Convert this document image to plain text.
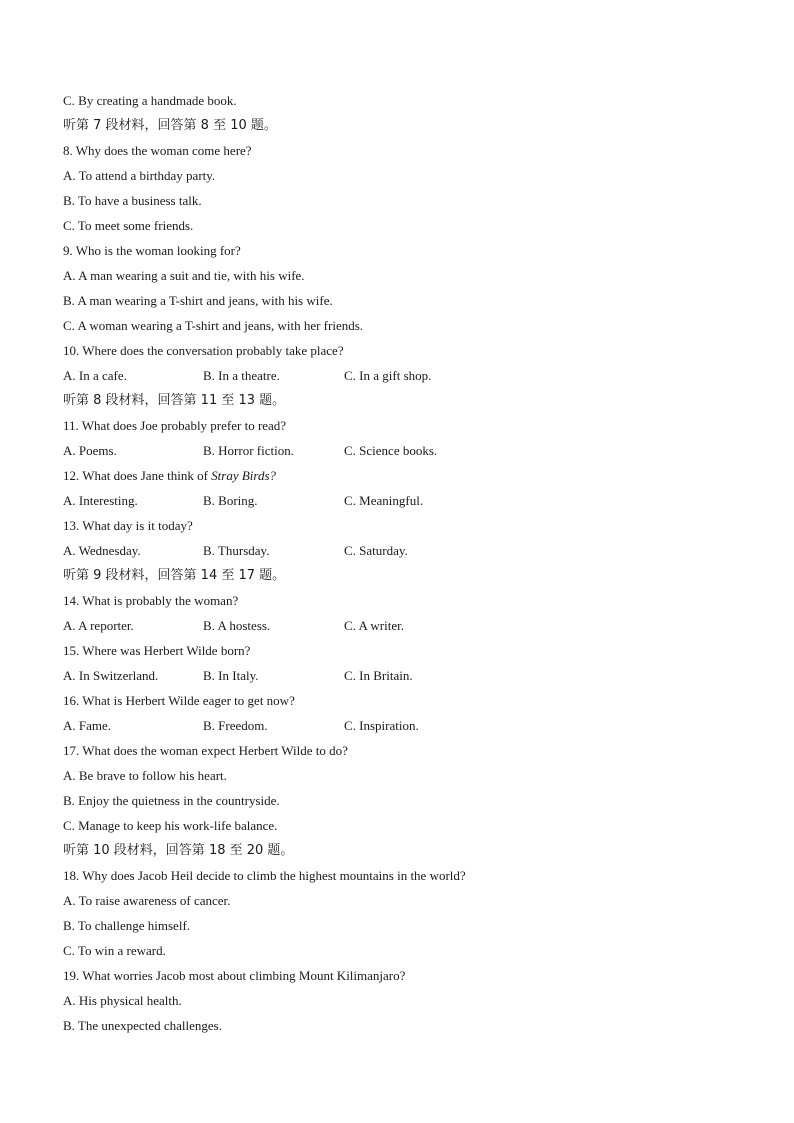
C. By creating a handmade book.
听第 7 段材料，回答第 8 至 10 题。
8. Why does the woman come here?
A. To attend a birthday party.
B. To have a business talk.
C. To meet some friends.
9. Who is the woman looking for?
A. A man wearing a suit and tie, with his wife.
B. A man wearing a T-shirt and jeans, with his wife.
C. A woman wearing a T-shirt and jeans, with her friends.
10. Where does the conversation probably take place?
A. In a cafe.	B. In a theatre.	C. In a gift shop.
听第 8 段材料，回答第 11 至 13 题。
11. What does Joe probably prefer to read?
A. Poems.	B. Horror fiction.	C. Science books.
12. What does Jane think of Stray Birds?
A. Interesting.	B. Boring.	C. Meaningful.
13. What day is it today?
A. Wednesday.	B. Thursday.	C. Saturday.
听第 9 段材料，回答第 14 至 17 题。
14. What is probably the woman?
A. A reporter.	B. A hostess.	C. A writer.
15. Where was Herbert Wilde born?
A. In Switzerland.	B. In Italy.	C. In Britain.
16. What is Herbert Wilde eager to get now?
A. Fame.	B. Freedom.	C. Inspiration.
17. What does the woman expect Herbert Wilde to do?
A. Be brave to follow his heart.
B. Enjoy the quietness in the countryside.
C. Manage to keep his work-life balance.
听第 10 段材料，回答第 18 至 20 题。
18. Why does Jacob Heil decide to climb the highest mountains in the world?
A. To raise awareness of cancer.
B. To challenge himself.
C. To win a reward.
19. What worries Jacob most about climbing Mount Kilimanjaro?
A. His physical health.
B. The unexpected challenges.
